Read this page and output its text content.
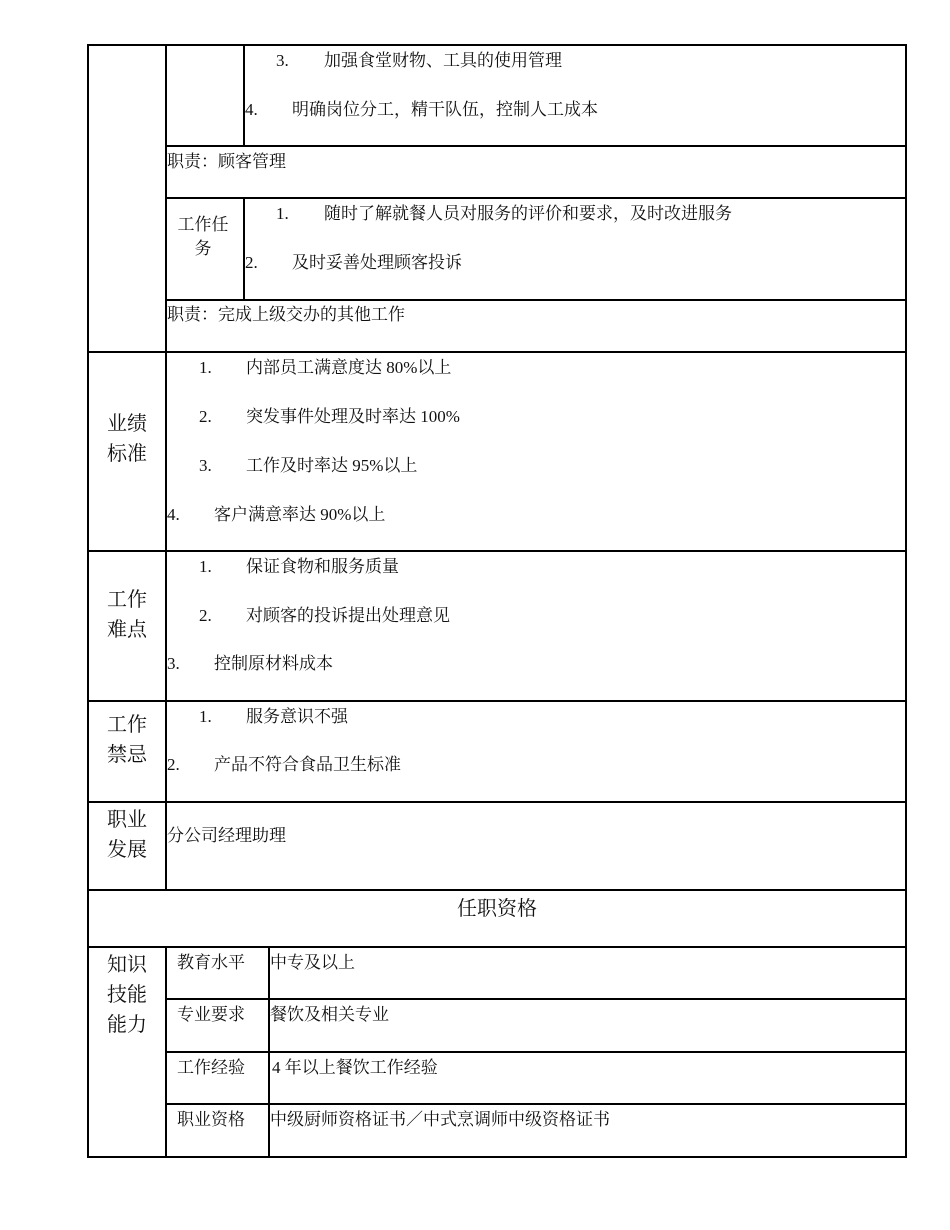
3. 加强食堂财物、工具的使用管理
4. 明确岗位分工，精干队伍，控制人工成本
职责：顾客管理
工作任务
1. 随时了解就餐人员对服务的评价和要求，及时改进服务
2. 及时妥善处理顾客投诉
职责：完成上级交办的其他工作
业绩
标准
1. 内部员工满意度达 80%以上
2. 突发事件处理及时率达 100%
3. 工作及时率达 95%以上
4. 客户满意率达 90%以上
工作
难点
1. 保证食物和服务质量
2. 对顾客的投诉提出处理意见
3. 控制原材料成本
工作
禁忌
1. 服务意识不强
2. 产品不符合食品卫生标准
职业
发展
分公司经理助理
任职资格
知识
技能
能力
教育水平 中专及以上
专业要求 餐饮及相关专业
工作经验 4 年以上餐饮工作经验
职业资格 中级厨师资格证书／中式烹调师中级资格证书
